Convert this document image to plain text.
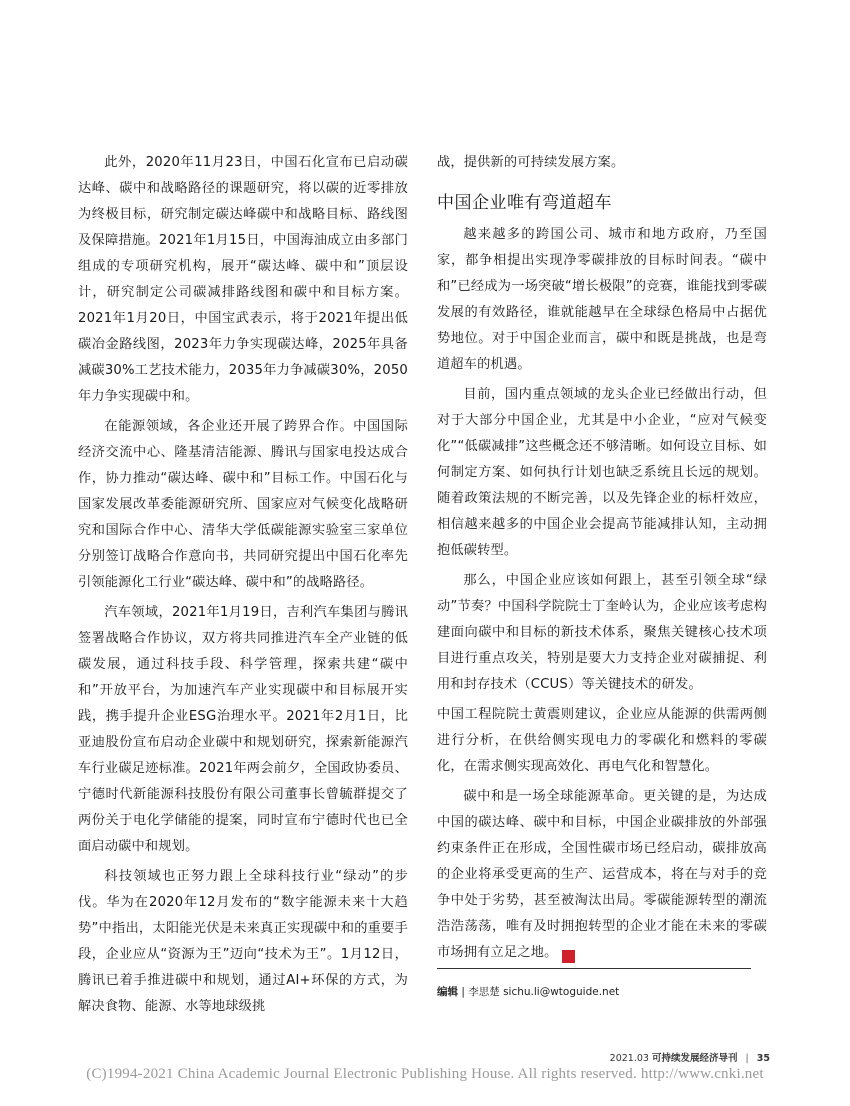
此外，2020年11月23日，中国石化宣布已启动碳达峰、碳中和战略路径的课题研究，将以碳的近零排放为终极目标，研究制定碳达峰碳中和战略目标、路线图及保障措施。2021年1月15日，中国海油成立由多部门组成的专项研究机构，展开“碳达峰、碳中和”顶层设计，研究制定公司碳减排路线图和碳中和目标方案。2021年1月20日，中国宝武表示，将于2021年提出低碳冶金路线图，2023年力争实现碳达峰，2025年具备减碳30%工艺技术能力，2035年力争减碳30%，2050年力争实现碳中和。

在能源领域，各企业还开展了跨界合作。中国国际经济交流中心、隆基清洁能源、腾讯与国家电投达成合作，协力推动“碳达峰、碳中和”目标工作。中国石化与国家发展改革委能源研究所、国家应对气候变化战略研究和国际合作中心、清华大学低碳能源实验室三家单位分别签订战略合作意向书，共同研究提出中国石化率先引领能源化工行业“碳达峰、碳中和”的战略路径。

汽车领域，2021年1月19日，吉利汽车集团与腾讯签署战略合作协议，双方将共同推进汽车全产业链的低碳发展，通过科技手段、科学管理，探索共建“碳中和”开放平台，为加速汽车产业实现碳中和目标展开实践，携手提升企业ESG治理水平。2021年2月1日，比亚迪股份宣布启动企业碳中和规划研究，探索新能源汽车行业碳足迹标准。2021年两会前夕，全国政协委员、宁德时代新能源科技股份有限公司董事长曾毓群提交了两份关于电化学储能的提案，同时宣布宁德时代也已全面启动碳中和规划。

科技领域也正努力跟上全球科技行业“绿动”的步伐。华为在2020年12月发布的“数字能源未来十大趋势”中指出，太阳能光伏是未来真正实现碳中和的重要手段，企业应从“资源为王”迈向“技术为王”。1月12日，腾讯已着手推进碳中和规划，通过AI+环保的方式，为解决食物、能源、水等地球级挑

战，提供新的可持续发展方案。

中国企业唯有弯道超车

越来越多的跨国公司、城市和地方政府，乃至国家，都争相提出实现净零碳排放的目标时间表。“碳中和”已经成为一场突破“增长极限”的竞赛，谁能找到零碳发展的有效路径，谁就能越早在全球绿色格局中占据优势地位。对于中国企业而言，碳中和既是挑战，也是弯道超车的机遇。

目前，国内重点领域的龙头企业已经做出行动，但对于大部分中国企业，尤其是中小企业，“应对气候变化”“低碳减排”这些概念还不够清晰。如何设立目标、如何制定方案、如何执行计划也缺乏系统且长远的规划。随着政策法规的不断完善，以及先锋企业的标杆效应，相信越来越多的中国企业会提高节能减排认知，主动拥抱低碳转型。

那么，中国企业应该如何跟上，甚至引领全球“绿动”节奏？中国科学院院士丁奎岭认为，企业应该考虑构建面向碳中和目标的新技术体系，聚焦关键核心技术项目进行重点攻关，特别是要大力支持企业对碳捕捉、利用和封存技术（CCUS）等关键技术的研发。

中国工程院院士黄震则建议，企业应从能源的供需两侧进行分析，在供给侧实现电力的零碳化和燃料的零碳化，在需求侧实现高效化、再电气化和智慧化。

碳中和是一场全球能源革命。更关键的是，为达成中国的碳达峰、碳中和目标，中国企业碳排放的外部强约束条件正在形成，全国性碳市场已经启动，碳排放高的企业将承受更高的生产、运营成本，将在与对手的竞争中处于劣势，甚至被淘汰出局。零碳能源转型的潮流浩浩荡荡，唯有及时拥抱转型的企业才能在未来的零碳市场拥有立足之地。	✓

编辑 | 李思楚 sichu.li@wtoguide.net
2021.03 可持续发展经济导刊 | 35
(C)1994-2021 China Academic Journal Electronic Publishing House. All rights reserved. http://www.cnki.net
